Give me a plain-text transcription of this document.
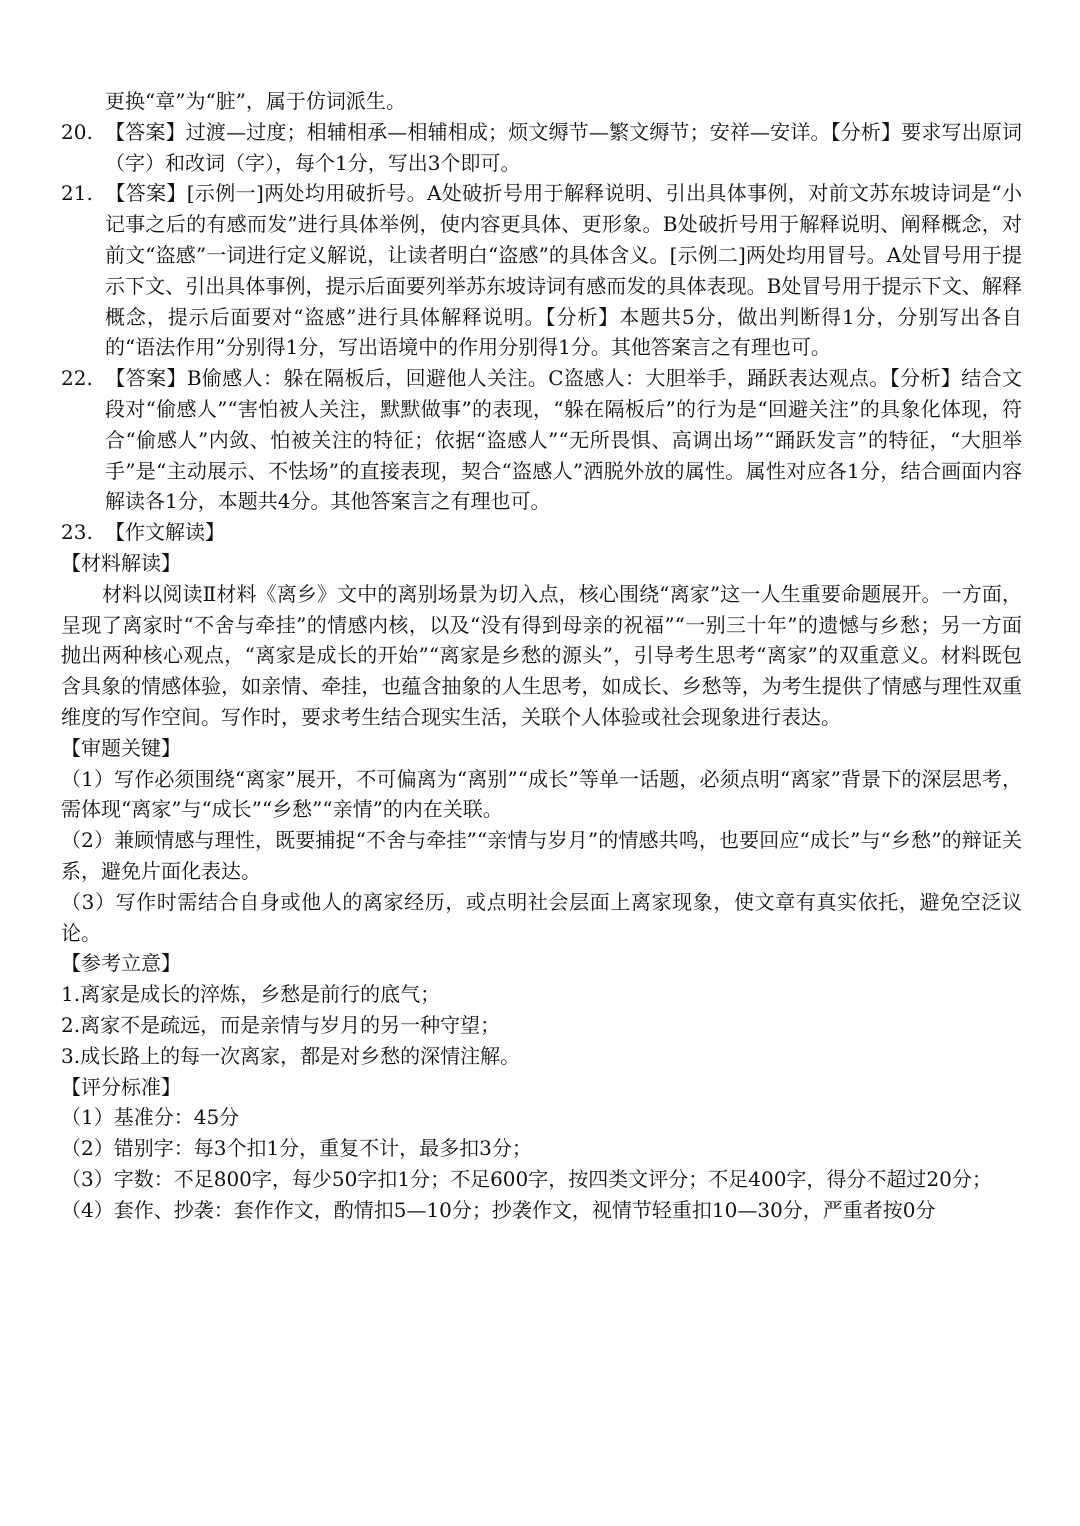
更换“章”为“脏”，属于仿词派生。

20. 【答案】过渡—过度；相辅相承—相辅相成；烦文缛节—繁文缛节；安祥—安详。【分析】要求写出原词（字）和改词（字），每个1分，写出3个即可。
21. 【答案】[示例一]两处均用破折号。A处破折号用于解释说明、引出具体事例，对前文苏东坡诗词是“小记事之后的有感而发”进行具体举例，使内容更具体、更形象。B处破折号用于解释说明、阐释概念，对前文“盗感”一词进行定义解说，让读者明白“盗感”的具体含义。[示例二]两处均用冒号。A处冒号用于提示下文、引出具体事例，提示后面要列举苏东坡诗词有感而发的具体表现。B处冒号用于提示下文、解释概念，提示后面要对“盗感”进行具体解释说明。【分析】本题共5分，做出判断得1分，分别写出各自的“语法作用”分别得1分，写出语境中的作用分别得1分。其他答案言之有理也可。
22. 【答案】B偷感人：躲在隔板后，回避他人关注。C盗感人：大胆举手，踊跃表达观点。【分析】结合文段对“偷感人”“害怕被人关注，默默做事”的表现，“躲在隔板后”的行为是“回避关注”的具象化体现，符合“偷感人”内敛、怕被关注的特征；依据“盗感人”“无所畏惧、高调出场”“踊跃发言”的特征，“大胆举手”是“主动展示、不怯场”的直接表现，契合“盗感人”洒脱外放的属性。属性对应各1分，结合画面内容解读各1分，本题共4分。其他答案言之有理也可。
23. 【作文解读】

【材料解读】

材料以阅读Ⅱ材料《离乡》文中的离别场景为切入点，核心围绕“离家”这一人生重要命题展开。一方面，呈现了离家时“不舍与牵挂”的情感内核，以及“没有得到母亲的祝福”“一别三十年”的遗憾与乡愁；另一方面抛出两种核心观点，“离家是成长的开始”“离家是乡愁的源头”，引导考生思考“离家”的双重意义。材料既包含具象的情感体验，如亲情、牵挂，也蕴含抽象的人生思考，如成长、乡愁等，为考生提供了情感与理性双重维度的写作空间。写作时，要求考生结合现实生活，关联个人体验或社会现象进行表达。

【审题关键】

（1）写作必须围绕“离家”展开，不可偏离为“离别”“成长”等单一话题，必须点明“离家”背景下的深层思考，需体现“离家”与“成长”“乡愁”“亲情”的内在关联。

（2）兼顾情感与理性，既要捕捉“不舍与牵挂”“亲情与岁月”的情感共鸣，也要回应“成长”与“乡愁”的辩证关系，避免片面化表达。

（3）写作时需结合自身或他人的离家经历，或点明社会层面上离家现象，使文章有真实依托，避免空泛议论。

【参考立意】

1.离家是成长的淬炼，乡愁是前行的底气；

2.离家不是疏远，而是亲情与岁月的另一种守望；

3.成长路上的每一次离家，都是对乡愁的深情注解。

【评分标准】

（1）基准分：45分

（2）错别字：每3个扣1分，重复不计，最多扣3分；

（3）字数：不足800字，每少50字扣1分；不足600字，按四类文评分；不足400字，得分不超过20分；

（4）套作、抄袭：套作作文，酌情扣5—10分；抄袭作文，视情节轻重扣10—30分，严重者按0分
